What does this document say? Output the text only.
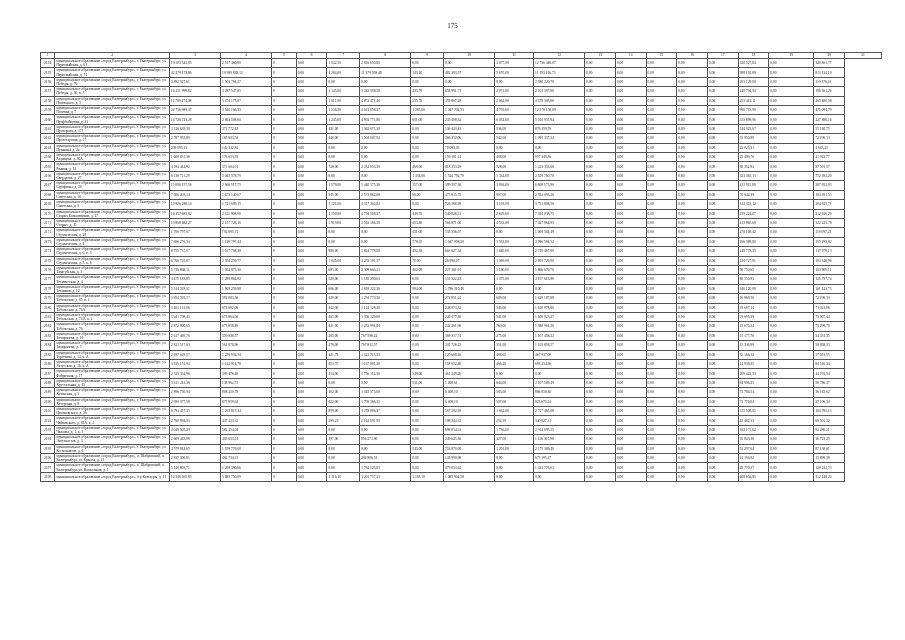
175
1	2	3	4	5	6	7	8	9	10	11	12	13	14	15	16	17	18	19	20	21
2154	муниципальное образование «город Екатеринбург», г. Екатеринбург, ул. Первомайская, д. 61	19 503 343,85	2 517 460,00	0	0,00	1 542 50	2 816 650,80	0,00	0,00	3 077,00	12 756 440,07	0,00	0,00	0,00	0,00	0,00	320 527,84	0,00	320 361,77	
2155	муниципальное образование «город Екатеринбург», г. Екатеринбург, ул. Первомайская, д. 74	42 279 573,86	10 989 838,12	0	0,00	4 284,00	11 379 039,48	343,20	482 393,57	5 670,00	11 193 416,73	0,00	0,00	0,00	0,00	0,00	998 191,89	0,00	813 134,10	
2156	муниципальное образование «город Екатеринбург», г. Екатеринбург, ул. Победы, д. 76	3 892 527,61	1 503 794,27	0	0,00	0,00	0,00	0,00	0,00	0,00	2 380 220,70	0,00	0,00	0,00	0,00	0,00	203 129,00	0,00	110 376,41	
2157	муниципальное образование «город Екатеринбург», г. Екатеринбург, ул. Победы, д. 30, к. 3	16 251 999,82	2 287 547,85	0	0,00	1 145,00	3 342 598,58	233,70	658 991,71	2 071,00	2 102 397,86	0,00	0,00	0,00	0,00	0,00	240 794,94	0,00	196 361,26	
2158	муниципальное образование «город Екатеринбург», г. Екатеринбург, ул. Полевского, д. 5	11 789 474,08	3 474 175,07	0	0,00	1 611,00	4 872 471,40	235,70	359 867,28	2 662,00	4 478 305,06	0,00	0,00	0,00	0,00	0,00	253 412,11	0,00	265 400,58	
2159	муниципальное образование «город Екатеринбург», г. Екатеринбург, ул. Полевая, д. 7	24 756 989,37	3 540 166,33	0	0,00	1 536,00	4 613 058,37	1 285,00	1 047 702,53	4 759,00	12 578 158,09	0,00	0,00	0,00	0,00	0,00	990 745,90	0,00	475 094,79	
2160	муниципальное образование «город Екатеринбург», г. Екатеринбург, ул. Профбойцовая, д. 31	14 726 723,28	2 863 508,60	0	0,00	1 245,00	4 992 771,80	601,00	235 408,32	6 052,00	5 010 957,84	0,00	0,00	0,00	0,00	0,00	315 899,96	0,00	227 888,16	
2161	муниципальное образование «город Екатеринбург», г. Екатеринбург, ул. Прохорова, д. 171	3 126 639,30	371 772,43	0	0,00	431,00	1 362 671,30	0,00	136 423,43	536,00	876 359,76	0,00	0,00	0,00	0,00	0,00	144 023,67	0,00	55 140,75	
2162	муниципальное образование «город Екатеринбург», г. Екатеринбург, ул. Пролетарская, д. 17	2 787 953,89	165 603,54	0	0,00	440,00	1 504 607,92	0,00	266 352,06	542,00	1 095 337,34	0,00	0,00	0,00	0,00	0,00	53 950,89	0,00	72 196,13	
2163	муниципальное образование «город Екатеринбург», г. Екатеринбург, ул. Пушкина, д. 2а	239 095,13	142 332,82	0	0,00	0,00	0,00	0,00	70 093,03	0,00	0,00	0,00	0,00	0,00	0,00	0,00	22 025,31	0,00	4 643,25	
2164	муниципальное образование «город Екатеринбург», г. Екатеринбург, ул. Радищева, д. 30А	1 608 831,36	176 653,93	0	0,00	0,00	0,00	0,00	159 181,14	408,00	957 349,36	0,00	0,00	0,00	0,00	0,00	23 489,76	0,00	21 923,77	
2165	муниципальное образование «город Екатеринбург», г. Екатеринбург, ул. Ржавая, д. 13	4 194 442,92	371 604,91	0	0,00	728,00	2 334 053,50	469,00	818 353,29	728,00	1 223 353,66	0,00	0,00	0,00	0,00	0,00	69 352,94	0,00	87 591,57	
2166	муниципальное образование «город Екатеринбург», г. Екатеринбург, ул. Свердлова, д. 27	8 138 711,29	3 045 578,79	0	0,00	0,00	0,00	1 334,00	1 524 792,79	1 334,00	2 529 760,70	0,00	0,00	0,00	0,00	0,00	323 365,13	0,00	752 392,20	
2167	муниципальное образование «город Екатеринбург», г. Екатеринбург, ул. Серафимы, д. 20	15 000 157,56	2 666 517,75	0	0,00	1 579,00	5 440 175,36	357,00	399 597,36	3 036,00	6 608 573,96	0,00	0,00	0,00	0,00	0,00	411 915,80	0,00	287 952,93	
2168	муниципальное образование «город Екатеринбург», г. Екатеринбург, ул. Советская, д. 10	7 306 403,14	1 673 140,67	0	0,00	545,00	2 573 862,68	60,00	475 815,70	907,00	2 952 093,26	0,00	0,00	0,00	0,00	0,00	70 642,39	0,00	104 391,53	
2169	муниципальное образование «город Екатеринбург», г. Екатеринбург, ул. Советская, д. 6	10 926 288,14	1 721 609,15	0	0,00	1 121,00	3 317 302,82	0,00	726 366,99	3 193,00	3 731 808,56	0,00	0,00	0,00	0,00	0,00	312 453,12	0,00	204 925,71	
2170	муниципальное образование «город Екатеринбург», г. Екатеринбург, ул. Старых Большевиков, д. 27	16 357 683,82	2 311 908,90	0	0,00	1 150,00	4 754 508,37	449,70	540 826,31	2 629,00	7 394 038,75	0,00	0,00	0,00	0,00	0,00	259 224,07	0,00	212 926,20	
2171	муниципальное образование «город Екатеринбург», г. Екатеринбург, ул. Старых, д. 11	19 868 662,27	2 157 726,16	0	0,00	1 919,00	2 563 166,50	453,40	566 871,00	4 533,00	7 427 964,95	0,00	0,00	0,00	0,00	0,00	413 865,69	0,00	322 223,78	
2172	муниципальное образование «город Екатеринбург», г. Екатеринбург, ул. Студенческая, д. 28	1 700 797,67	792 095,74	0	0,00	0,00	0,00	451,00	535 536,07	0,00	1 069 504,49	0,00	0,00	0,00	0,00	0,00	270 169,42	0,00	119 097,23	
2173	муниципальное образование «город Екатеринбург», г. Екатеринбург, ул. Студенческая, д. 4	7 696 276,34	1 128 797,44	0	0,00	0,00	0,00	778,35	1 047 908,20	3 553,00	2 996 594,52	0,00	0,00	0,00	0,00	0,00	166 389,80	0,00	155 293,82	
2174	муниципальное образование «город Екатеринбург», г. Екатеринбург, ул. Студенческая, д. 6, к. 3	8 755 737,07	1 617 708,38	0	0,00	980,00	1 824 778,00	492,39	663 027,34	1 640,00	2 749 467,90	0,00	0,00	0,00	0,00	0,00	248 778,35	0,00	137 979,13	
2175	муниципальное образование «город Екатеринбург», г. Екатеринбург, ул. Студенческая, д. 5, к. 6	6 760 725,07	2 554 259,77	0	0,00	1 045,00	3 253 191,57	70,00	26 990,07	1 369,00	2 693 729,90	0,00	0,00	0,00	0,00	0,00	124 727,91	0,00	103 346,96	
2176	муниципальное образование «город Екатеринбург», г. Екатеринбург, ул. Таватуйская, д. 3	5 736 868,11	1 052 873,30	0	0,00	685,00	2 309 666,21	462,08	227 361,91	1 180,00	1 866 679,76	0,00	0,00	0,00	0,00	0,00	90 750,65	0,00	103 909,11	
2177	муниципальное образование «город Екатеринбург», г. Екатеринбург, ул. Техническая, д. 4	4 475 183,05	1 289 864,92	0	0,00	520,00	1 185 290,65	0,00	151 322,43	1 375,00	2 157 613,86	0,00	0,00	0,00	0,00	0,00	80 550,93	0,00	125 797,74	
2178	муниципальное образование «город Екатеринбург», г. Екатеринбург, ул. Техников, д. 12	5 314 318,51	1 965 259,88	0	0,00	606,00	1 918 322,36	994,00	1 786 310,40	0,00	0,00	0,00	0,00	0,00	0,00	0,00	346 120,09	0,00	161 423,73	
2179	муниципальное образование «город Екатеринбург», г. Екатеринбург, ул. Тобольская, д. 85, к. 1	3 854 593,17	592 083,30	0	0,00	429,00	1 254 774,30	0,00	274 951,24	609,00	1 629 187,88	0,00	0,00	0,00	0,00	0,00	16 869,56	0,00	72 196,33	
2180	муниципальное образование «город Екатеринбург», г. Екатеринбург, ул. Тобольская, д. 76А	3 461 131,06	674 802,06	0	0,00	442,00	1 124 128,49	0,00	248 073,52	545,00	1 610 978,80	0,00	0,00	0,00	0,00	0,00	19 697,14	0,00	73 021,06	
2181	муниципальное образование «город Екатеринбург», г. Екатеринбург, ул. Тобольская, д. 74,8, к. 2	3 941 708,45	673 864,06	0	0,00	461,00	1 356 129,00	0,00	240 477,30	541,00	1 600 923,27	0,00	0,00	0,00	0,00	0,00	19 695,39	0,00	73 907,44	
2182	муниципальное образование «город Екатеринбург», г. Екатеринбург, ул. Тобольская, д. 76	2 872 900,65	673 858,89	0	0,00	421,00	1 252 991,84	0,00	242 261,96	760,00	1 388 961,26	0,00	0,00	0,00	0,00	0,00	15 675,34	0,00	75 299,70	
2183	муниципальное образование «город Екатеринбург», г. Екатеринбург, ул. Тимирязева, д. 16	2 617 469,76	359 838,57	0	0,00	285,00	767 598,22	0,00	369 317,74	275,00	1 107 458,22	0,00	0,00	0,00	0,00	0,00	15 177,76	0,00	54 351,35	
2184	муниципальное образование «город Екатеринбург», г. Екатеринбург, ул. Тимирязева, д. 5	2 821 517,63	561 870,96	0	0,00	276,00	767 813,57	0,00	341 726,25	351,00	1 103 858,57	0,00	0,00	0,00	0,00	0,00	15 346,99	0,00	50 038,53	
2185	муниципальное образование «город Екатеринбург», г. Екатеринбург, ул. Тургенева, д. 14, к. А	2 497 629,57	1 259 932,34	0	0,00	421,79	1 322 713,53	0,00	120 668,26	408,65	467 937,08	0,00	0,00	0,00	0,00	0,00	33 166,12	0,00	57 051,55	
2186	муниципальное образование «город Екатеринбург», г. Екатеринбург, ул. Уктусская, д. 16, к. А	3 335 151,94	1 142 914,78	0	0,00	453,70	1 167 001,30	0,00	158 052,80	466,28	693 234,36	0,00	0,00	0,00	0,00	0,00	14 938,35	0,00	84 516,34	
2187	муниципальное образование «город Екатеринбург», г. Екатеринбург, ул. Фабричная, д. 17	2 335 334,96	393 476,28	0	0,00	434,00	1 756 112,36	349,00	461 249,26	0,00	0,00	0,00	0,00	0,00	0,00	0,00	269 422,53	0,00	44 193,54	
2188	муниципальное образование «город Екатеринбург», г. Екатеринбург, ул. Хрустальная, д. 45	3 121 241,36	138 962,71	0	0,00	0,00	0,00	531,00	1 408,61	644,00	2 107 569,49	0,00	0,00	0,00	0,00	0,00	84 996,25	0,00	58 786,37	
2189	муниципальное образование «город Екатеринбург», г. Екатеринбург, ул. Хутенская, д. 5	2 896 750,94	808 250,78	0	0,00	102,00	1 345 573,00	0,00	6 408,10	503,00	886 050,30	0,00	0,00	0,00	0,00	0,00	73 784,54	0,00	36 145,62	
2190	муниципальное образование «город Екатеринбург», г. Екатеринбург, ул. Хуторская, д. 8	2 950 377,58	877 959,64	0	0,00	422,00	1 795 366,32	0,00	6 408,10	507,00	823 675,24	0,00	0,00	0,00	0,00	0,00	73 770,04	0,00	37 106,54	
2191	муниципальное образование «город Екатеринбург», г. Екатеринбург, ул. Циолковского, д. 36	8 791 457,35	1 263 817,34	0	0,00	899,00	3 278 006,37	0,00	567 292,95	1 632,00	2 747 465,08	0,00	0,00	0,00	0,00	0,00	315 508,05	0,00	163 782,13	
2192	муниципальное образование «город Екатеринбург», г. Екатеринбург, ул. Чайковского, д. 65А, к. 2	2 760 994,03	447 233,32	0	0,00	299,23	2 142 091,99	0,00	108 244,33	252,39	340 027,31	0,00	0,00	0,00	0,00	0,00	43 482,33	0,00	69 501,32	
2193	муниципальное образование «город Екатеринбург», г. Екатеринбург, ул. Чкалова, д. 1, к. 3	4 049 505,29	582 254,04	0	0,00	0,00	0,00	0,00	698 854,31	1 736,00	2 912 095,25	0,00	0,00	0,00	0,00	0,00	162 171,62	0,00	92 280,21	
2194	муниципальное образование «город Екатеринбург», г. Екатеринбург, ул. Энтузиастов, д. 3	2 609 443,98	405 633,14	0	0,00	197,00	856 273,90	0,00	249 625,36	327,00	1 116 367,98	0,00	0,00	0,00	0,00	0,00	10 843,16	0,00	36 723,25	
2195	муниципальное образование «город Екатеринбург», г. Екатеринбург, ул. Космонавтов, д. 6	4 579 043,65	1 559 776,00	0	0,00	0,00	0,00	543,00	753 870,00	1 201,00	2 175 369,40	0,00	0,00	0,00	0,00	0,00	53 297,64	0,00	87 130,61	
2196	муниципальное образование «город Екатеринбург», п. Шабровский, п. Екатеринбург, ул. Брылья, д. 15	2 837 306,81	462 734,13	0	0,00	0,00	294 806,31	0,00	143 990,08	0,00	673 195,17	0,00	0,00	0,00	0,00	0,00	24 194,82	0,00	15 899,38	
2197	муниципальное образование «город Екатеринбург», п. Шабровский, п. Екатеринбург, ул. Вокзальная, д. 1	5 140 803,71	1 200 390,66	0	0,00	0,00	1 784 523,83	0,00	479 053,62	0,00	1 432 776,63	0,00	0,00	0,00	0,00	0,00	28 770,37	0,00	120 242,73	
2198	муниципальное образование «город Екатеринбург», б-р Культуры, д. 13	12 346 465,85	3 885 750,09	0	0,00	2 316,10	3 201 757,23	1 168,10	1 085 904,58	0,00	0,00	0,00	0,00	0,00	0,00	0,00	408 654,85	0,00	312 448,24	
